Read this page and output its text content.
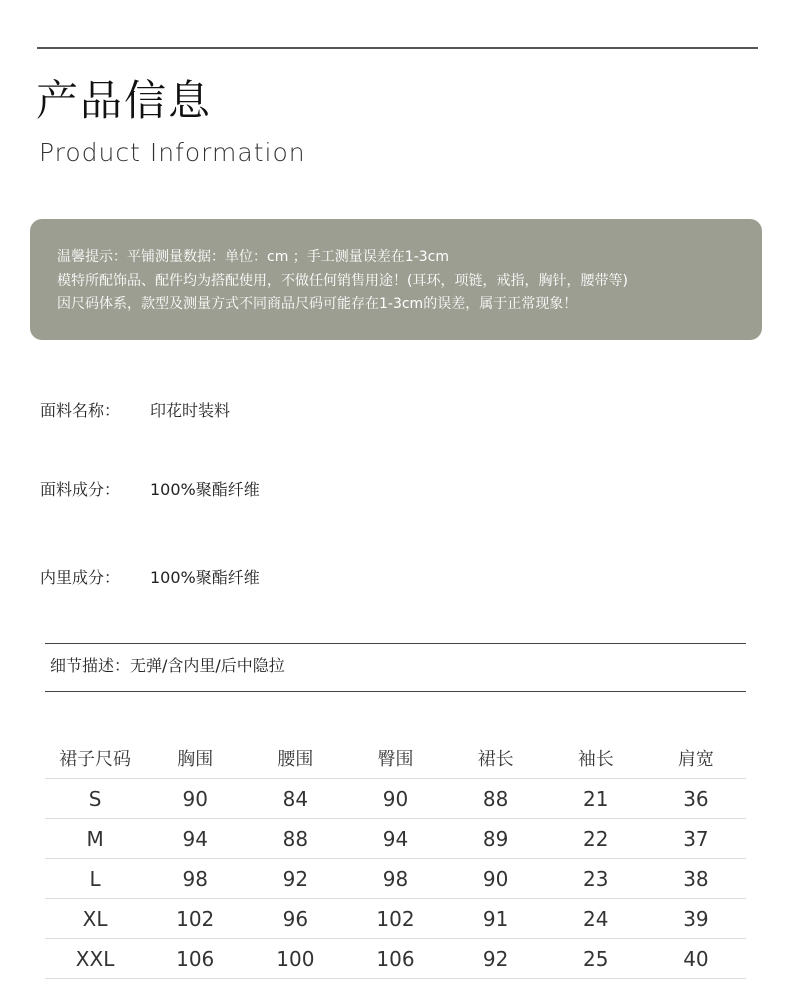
产品信息
Product Information
温馨提示：平铺测量数据：单位：cm ；手工测量误差在1-3cm
模特所配饰品、配件均为搭配使用，不做任何销售用途！(耳环，项链，戒指，胸针，腰带等)
因尺码体系，款型及测量方式不同商品尺码可能存在1-3cm的误差，属于正常现象！
面料名称： 印花时装料
面料成分： 100%聚酯纤维
内里成分： 100%聚酯纤维
细节描述：无弹/含内里/后中隐拉
裙子尺码	胸围	腰围	臀围	裙长	袖长	肩宽
S	90	84	90	88	21	36
M	94	88	94	89	22	37
L	98	92	98	90	23	38
XL	102	96	102	91	24	39
XXL	106	100	106	92	25	40
